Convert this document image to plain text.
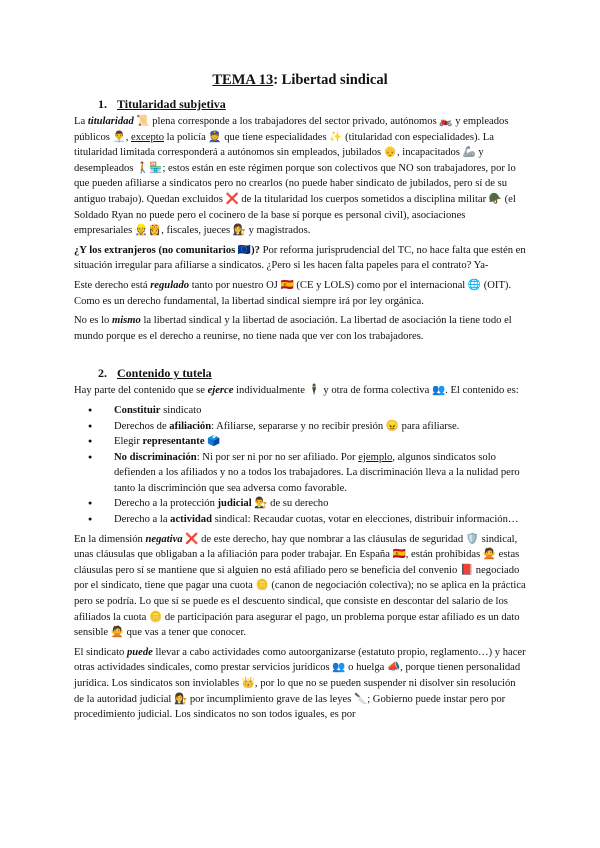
TEMA 13: Libertad sindical
1. Titularidad subjetiva

La titularidad 📜 plena corresponde a los trabajadores del sector privado, autónomos 🏍️ y empleados públicos 👨‍💼, excepto la policía 👮 que tiene especialidades ✨ (titularidad con especialidades). La titularidad limitada corresponderá a autónomos sin empleados, jubilados 👴, incapacitados 🦾 y desempleados 🚶🏪; estos están en este régimen porque son colectivos que NO son trabajadores, por lo que pueden afiliarse a sindicatos pero no crearlos (no puede haber sindicato de jubilados, pero sí de su antiguo trabajo). Quedan excluidos ❌ de la titularidad los cuerpos sometidos a disciplina militar 🪖 (el Soldado Ryan no puede pero el cocinero de la base sí porque es personal civil), asociaciones empresariales 👷👸, fiscales, jueces 👩‍⚖️ y magistrados.

¿Y los extranjeros (no comunitarios 🇪🇺)? Por reforma jurisprudencial del TC, no hace falta que estén en situación irregular para afiliarse a sindicatos. ¿Pero si les hacen falta papeles para el contrato? Ya-

Este derecho está regulado tanto por nuestro OJ 🇪🇸 (CE y LOLS) como por el internacional 🌐 (OIT). Como es un derecho fundamental, la libertad sindical siempre irá por ley orgánica.

No es lo mismo la libertad sindical y la libertad de asociación. La libertad de asociación la tiene todo el mundo porque es el derecho a reunirse, no tiene nada que ver con los trabajadores.

2. Contenido y tutela

Hay parte del contenido que se ejerce individualmente 🕴 y otra de forma colectiva 👥. El contenido es:

● Constituir sindicato
● Derechos de afiliación: Afiliarse, separarse y no recibir presión 😠 para afiliarse.
● Elegir representante 🗳️
● No discriminación: Ni por ser ni por no ser afiliado. Por ejemplo, algunos sindicatos solo defienden a los afiliados y no a todos los trabajadores. La discriminación lleva a la nulidad pero tanto la discriminción que sea adversa como favorable.
● Derecho a la protección judicial 👨‍⚖️ de su derecho
● Derecho a la actividad sindical: Recaudar cuotas, votar en elecciones, distribuir información…

En la dimensión negativa ❌ de este derecho, hay que nombrar a las cláusulas de seguridad 🛡️ sindical, unas cláusulas que obligaban a la afiliación para poder trabajar. En España 🇪🇸, están prohibidas 🙅 estas cláusulas pero sí se mantiene que si alguien no está afiliado pero se beneficia del convenio 📕 negociado por el sindicato, tiene que pagar una cuota 🪙 (canon de negociación colectiva); no se aplica en la práctica pero se podría. Lo que sí se puede es el descuento sindical, que consiste en descontar del salario de los afiliados la cuota 🪙 de participación para asegurar el pago, un problema porque estar afiliado es un dato sensible 🙅 que vas a tener que conocer.

El sindicato puede llevar a cabo actividades como autoorganizarse (estatuto propio, reglamento…) y hacer otras actividades sindicales, como prestar servicios jurídicos 👥 o huelga 📣, porque tienen personalidad jurídica. Los sindicatos son inviolables 👑, por lo que no se pueden suspender ni disolver sin resolución de la autoridad judicial 👩‍⚖️ por incumplimiento grave de las leyes 🔪; Gobierno puede instar pero por procedimiento judicial. Los sindicatos no son todos iguales, es por
